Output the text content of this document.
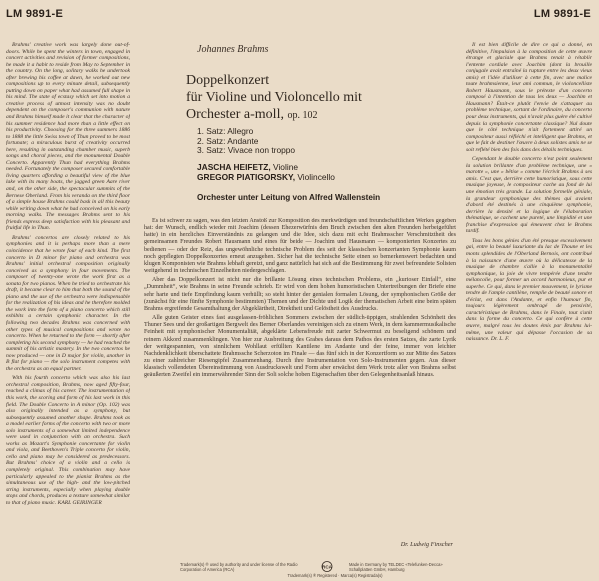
LM 9891-E	LM 9891-E

Brahms' creative work was largely done out-of-doors. While he spent the winters in town, engaged in concert activities and revision of former compositions, he made it a habit to reside from May to September in the country. On the long, solitary walks he undertook after brewing his coffee at dawn, he worked out new compositions up to every minute detail, subsequently putting down on paper what had assumed full shape in his mind. The state of ecstasy which set into motion a creative process of utmost intensity was no doubt dependent on the composer's communion with nature and Brahms himself made it clear that the character of his summer residence had more than a little effect on his productivity. Choosing for the three summers 1886 to 1888 the little Swiss town of Thun proved to be most fortunate; a miraculous burst of creativity occurred here, resulting in outstanding chamber music, superb songs and choral pieces, and the monumental Double Concerto. Apparently Thun had everything Brahms needed. Fortunately the composer secured comfortable living quarters affording a beautiful view of the blue lake with its many boats, the jagged green Aare river and, on the other side, the spectacular summits of the Bernese Oberland. From his veranda on the third floor of a simple house Brahms could bask in all this beauty while writing down what he had conceived on his early morning walks. The messages Brahms sent to his friends express deep satisfaction with his pleasant and fruitful life in Thun.

Brahms' concertos are closely related to his symphonies and it is perhaps more than a mere coincidence that he wrote four of each kind. The first concerto in D minor for piano and orchestra was Brahms' initial orchestral composition originally conceived as a symphony in four movements. The composer of twenty-one wrote the work first as a sonata for two pianos. When he tried to orchestrate his draft, it became clear to him that both the sound of the piano and the use of the orchestra were indispensable for the realization of his ideas and he therefore molded the work into the form of a piano concerto which still exhibits a certain symphonic character. In the following two decades Brahms was concerned with other types of musical compositions and wrote no concerto. When he returned to the form — shortly after completing his second symphony — he had reached the summit of his artistic mastery. In the two concertos he now produced — one in D major for violin, another in B flat for piano — the solo instrument competes with the orchestra as an equal partner.

With his fourth concerto which was also his last orchestral composition, Brahms, now aged fifty-four, reached a climax of his career. The instrumentation of this work, the scoring and form of his last work in this field. The Double Concerto in A minor (Op. 102) was also originally intended as a symphony, but subsequently assumed another shape. Brahms took as a model earlier forms of the concerto with two or more solo instruments of a somewhat limited independence were used in conjunction with an orchestra. Such works as Mozart's Symphonie concertante for violin and viola, and Beethoven's Triple concerto for violin, cello and piano may be considered as predecessors. But Brahms' choice of a violin and a cello is completely original. This combination may have particularly appealed to the pianist Brahms as the simultaneous use of the high- and the low-pitched string instruments, especially when playing double stops and chords, produces a texture somewhat similar to that of piano music. KARL GEIRINGER

Johannes Brahms
Doppelkonzert
für Violine und Violoncello mit
Orchester a-moll, op. 102
1. Satz: Allegro
2. Satz: Andante
3. Satz: Vivace non troppo
JASCHA HEIFETZ, Violine
GREGOR PIATIGORSKY, Violincello
Orchester unter Leitung von Alfred Wallenstein

Es ist schwer zu sagen, was den letzten Anstoß zur Komposition des merkwürdigen und freundschaftlichen Werkes gegeben hat: der Wunsch, endlich wieder mit Joachim (dessen Ehezerwürfnis den Bruch zwischen den alten Freunden herbeigeführt hatte) in ein herzliches Einverständnis zu gelangen und die Idee, sich dazu mit echt Brahmsscher Verschmitztheit des gemeinsamen Freundes Robert Hausmann und eines für beide — Joachim und Hausmann — komponierten Konzertes zu bedienen — oder der Reiz, das ungewöhnliche technische Problem des seit der klassischen konzertanten Symphonie kaum noch gepflegten Doppelkonzertes erneut anzugehen. Sicher hat die technische Seite einen so bemerkenswert bedachten und klugen Komponisten wie Brahms lebhaft gereizt, und ganz natürlich hat sich auf die Bestimmung für zwei befreundete Solisten weitgehend in technischen Einzelheiten niedergeschlagen.

Aber das Doppelkonzert ist nicht nur die brillante Lösung eines technischen Problems, ein „kurioser Einfall“, eine „Dummheit“, wie Brahms in seine Freunde schrieb. Er wird von dem hohen humoristischen Untertreibungen der Briefe eine sehr harte und tiefe Empfindung kaum verhüllt; so steht hinter der genialen formalen Lösung, der symphonischen Größe der (zunächst für eine fünfte Symphonie bestimmten) Themen und der Dichte und Logik der thematischen Arbeit eine beim späten Brahms ergreifende Gesamthaltung der Abgeklärtheit, Direktheit und Gelöstheit des Ausdrucks.

Alle guten Geister eines fast ausgelassen-fröhlichen Sommers zwischen der südlich-üppigen, strahlenden Schönheit des Thuner Sees und der großartigen Bergwelt des Berner Oberlandes vereinigen sich zu einem Werk, in dem kammermusikalische Feinheit mit symphonischer Monumentalität, abgeklärte Lebensfreude mit zarter Schwermut zu beseligend schönem und reinem Akkord zusammenklingen. Von hier zur Ausbreitung des Grabes daraus dem Pathos des ersten Satzes, die zarte Lyrik der weitgespannten, von sinnlichem Wohllaut erfüllten Kantilene im Andante und der feine, immer von leichter Nachdenklichkeit überschattete Brahmssche Scherzoton im Finale — das fünf sich in der Konzertform so zur Mitte des Satzes zu einer zahlreicher Riesengipfel Zusammenhang. Durch ihre Instrumentation von Solo-Instrumenten gegen. Aus dieser klassisch vollendeten Übereinstimmung von Ausdruckswelt und Form aber erwächst dem Werk trotz aller von Brahms selbst geäußerten Zweifel ein immerwährender Sinn der Soli solche hoben Eigenschaften über den Gelegenheitsanlaß hinaus.

Dr. Ludwig Finscher

Il est bien difficile de dire ce qui a donné, en définitive, l'impulsion à la composition de cette œuvre étrange et glaciale que Brahms tenait à rétablir l'entente cordiale avec Joachim (dont la brouille conjugale avait entraîné la rupture entre les deux vieux amis) et l'idée d'utiliser à cette fin, avec une malice toute brahmsienne, leur ami commun, le violoncelliste Robert Hausmann, sous le prétexte d'un concerto composé à l'intention de tous les deux — Joachim et Hausmann? Était-ce plutôt l'envie de s'attaquer au problème technique, sortant de l'ordinaire, du concerto pour deux instruments, qui n'avait plus guère été cultivé depuis la symphonie concertante classique? Nul doute que le côté technique n'ait fortement attiré un compositeur aussi réfléchi et intelligent que Brahms, et que le fait de destiner l'œuvre à deux solistes amis ne se soit reflété bien des fois dans des détails techniques.

Cependant le double concerto n'est point seulement la solution brillante d'un problème technique, une « marotte », une « bêtise » comme l'écrivit Brahms à ses amis. C'est que, derrière cette humoristique, sous cette musique joyeuse, le compositeur cache au fond de lui une émotion très grande. La solution formelle géniale, la grandeur symphonique des thèmes qui avaient d'abord été destinés à une cinquième symphonie, derrière la densité et la logique de l'élaboration thématique, se cachent une pureté, une limpidité et une franchise d'expression qui émeuvent chez le Brahms tardif.

Tous les bons génies d'un été presque excessivement gai, entre la beauté luxuriante du lac de Thoune et les monts splendides de l'Oberland Bernois, ont contribué à la naissance d'une œuvre où la délicatesse de la musique de chambre s'allie à la monumentalité symphonique, la joie de vivre tempérée d'une tendre mélancolie, pour former un accord harmonieux, pur et superbe. Ce qui, dans le premier mouvement, le lyrisme tendre de l'ample cantilène, remplie de beauté sonore et d'éclat, est dans l'Andante, et enfin l'humour fin, toujours légèrement ombragé de pensivité, caractéristique de Brahms, dans le Finale, tout s'unit dans la forme du concerto. Ce qui confère à cette œuvre, malgré tous les doutes émis par Brahms lui-même, une valeur qui dépasse l'occasion de sa naissance. Dr. L. F.

Trademark(s) ® used by authority and under license of the Radio Corporation of America (RCA)
RCA	Made in Germany by TELDEC «Telefunken-Decca» Schallplatten GmbH, Hamburg
Trademark(s) ® Registered · Marca(s) Registrada(s)
